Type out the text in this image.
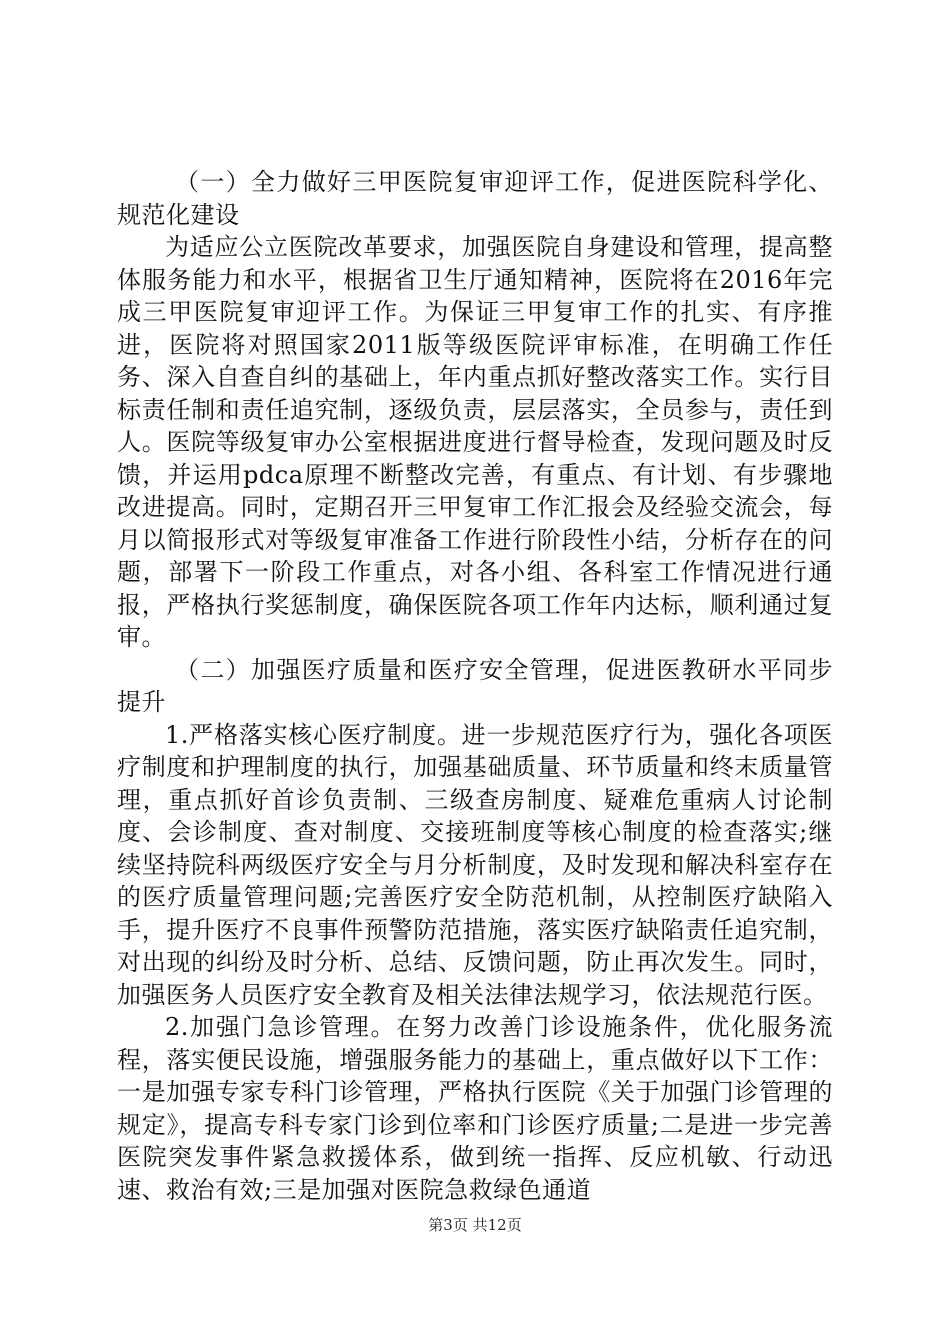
（一）全力做好三甲医院复审迎评工作，促进医院科学化、规范化建设

为适应公立医院改革要求，加强医院自身建设和管理，提高整体服务能力和水平，根据省卫生厅通知精神，医院将在2016年完成三甲医院复审迎评工作。为保证三甲复审工作的扎实、有序推进，医院将对照国家2011版等级医院评审标准，在明确工作任务、深入自查自纠的基础上，年内重点抓好整改落实工作。实行目标责任制和责任追究制，逐级负责，层层落实，全员参与，责任到人。医院等级复审办公室根据进度进行督导检查，发现问题及时反馈，并运用pdca原理不断整改完善，有重点、有计划、有步骤地改进提高。同时，定期召开三甲复审工作汇报会及经验交流会，每月以简报形式对等级复审准备工作进行阶段性小结，分析存在的问题，部署下一阶段工作重点，对各小组、各科室工作情况进行通报，严格执行奖惩制度，确保医院各项工作年内达标，顺利通过复审。

（二）加强医疗质量和医疗安全管理，促进医教研水平同步提升

1.严格落实核心医疗制度。进一步规范医疗行为，强化各项医疗制度和护理制度的执行，加强基础质量、环节质量和终末质量管理，重点抓好首诊负责制、三级查房制度、疑难危重病人讨论制度、会诊制度、查对制度、交接班制度等核心制度的检查落实;继续坚持院科两级医疗安全与月分析制度，及时发现和解决科室存在的医疗质量管理问题;完善医疗安全防范机制，从控制医疗缺陷入手，提升医疗不良事件预警防范措施，落实医疗缺陷责任追究制，对出现的纠纷及时分析、总结、反馈问题，防止再次发生。同时，加强医务人员医疗安全教育及相关法律法规学习，依法规范行医。

2.加强门急诊管理。在努力改善门诊设施条件，优化服务流程，落实便民设施，增强服务能力的基础上，重点做好以下工作：一是加强专家专科门诊管理，严格执行医院《关于加强门诊管理的规定》，提高专科专家门诊到位率和门诊医疗质量;二是进一步完善医院突发事件紧急救援体系，做到统一指挥、反应机敏、行动迅速、救治有效;三是加强对医院急救绿色通道

第3页 共12页
